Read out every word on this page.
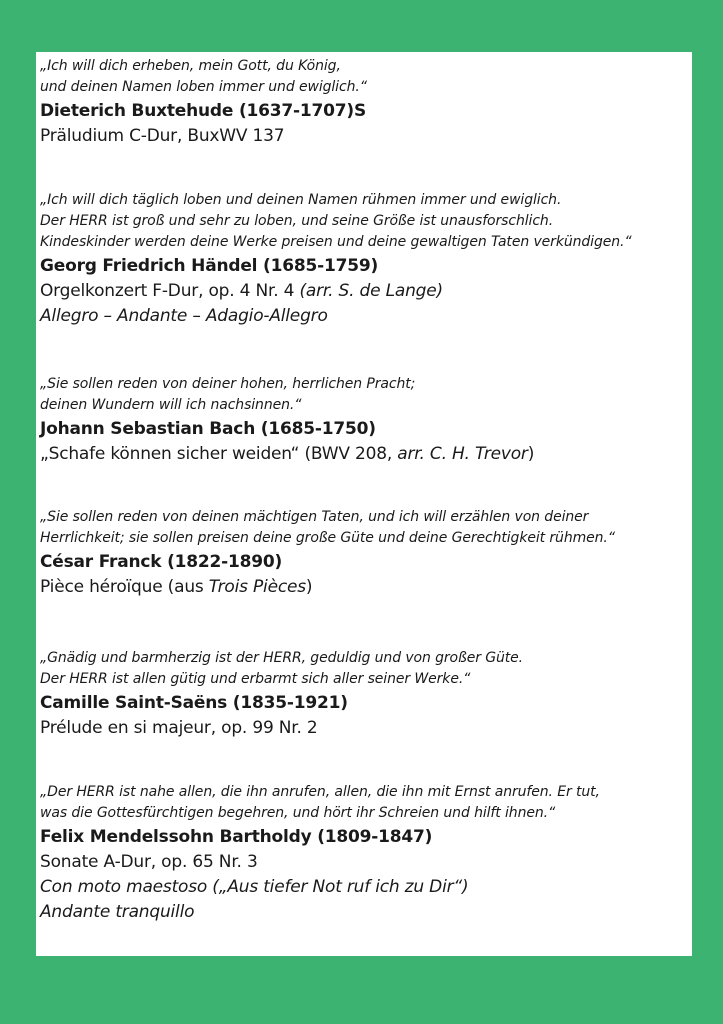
„Ich will dich erheben, mein Gott, du König,
und deinen Namen loben immer und ewiglich.“

Dieterich Buxtehude (1637-1707)S

Präludium C-Dur, BuxWV 137

„Ich will dich täglich loben und deinen Namen rühmen immer und ewiglich.
Der HERR ist groß und sehr zu loben, und seine Größe ist unausforschlich.
Kindeskinder werden deine Werke preisen und deine gewaltigen Taten verkündigen.“

Georg Friedrich Händel (1685-1759)

Orgelkonzert F-Dur, op. 4 Nr. 4 (arr. S. de Lange)

Allegro – Andante – Adagio-Allegro

„Sie sollen reden von deiner hohen, herrlichen Pracht;
deinen Wundern will ich nachsinnen.“

Johann Sebastian Bach (1685-1750)

„Schafe können sicher weiden“ (BWV 208, arr. C. H. Trevor)

„Sie sollen reden von deinen mächtigen Taten, und ich will erzählen von deiner
Herrlichkeit; sie sollen preisen deine große Güte und deine Gerechtigkeit rühmen.“

César Franck (1822-1890)

Pièce héroïque (aus Trois Pièces)

„Gnädig und barmherzig ist der HERR, geduldig und von großer Güte.
Der HERR ist allen gütig und erbarmt sich aller seiner Werke.“

Camille Saint-Saëns (1835-1921)

Prélude en si majeur, op. 99 Nr. 2

„Der HERR ist nahe allen, die ihn anrufen, allen, die ihn mit Ernst anrufen. Er tut,
was die Gottesfürchtigen begehren, und hört ihr Schreien und hilft ihnen.“

Felix Mendelssohn Bartholdy (1809-1847)

Sonate A-Dur, op. 65 Nr. 3

Con moto maestoso („Aus tiefer Not ruf ich zu Dir“)

Andante tranquillo
